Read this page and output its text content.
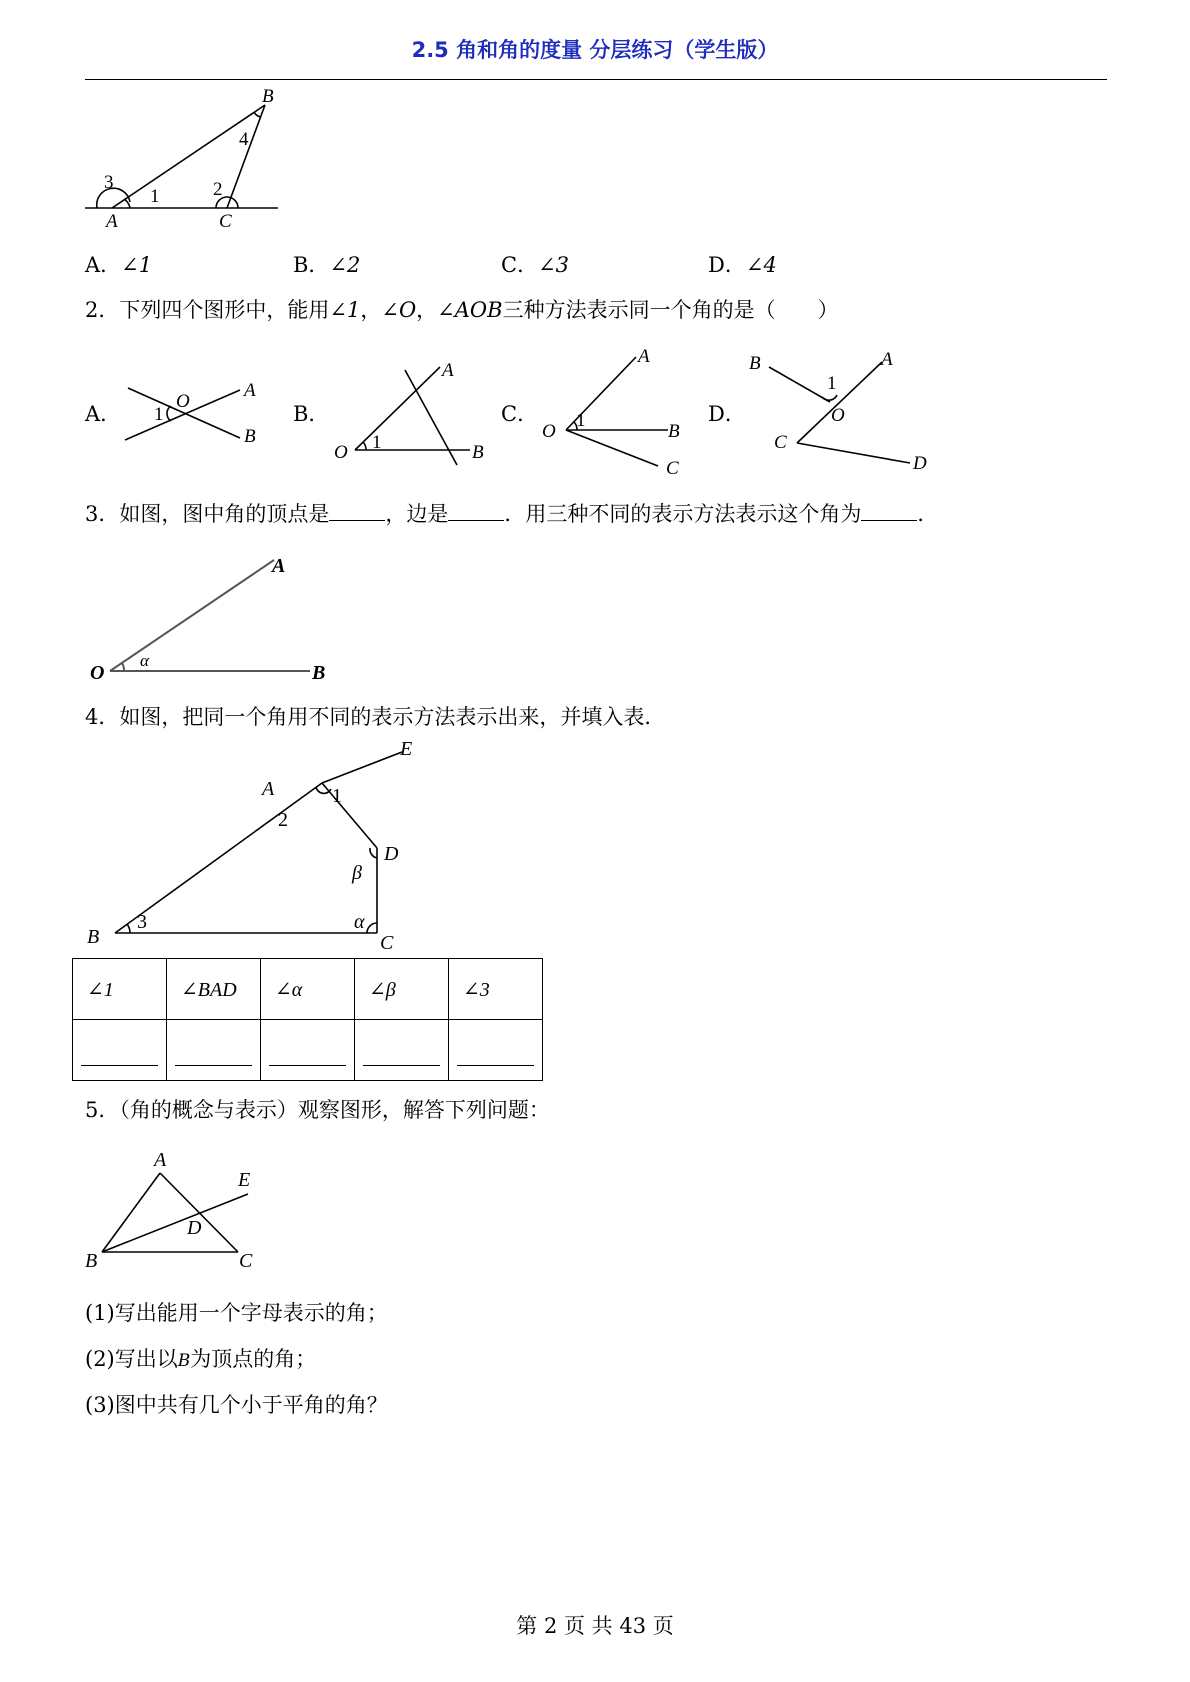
2.5 角和角的度量 分层练习（学生版）
B
4
3
1	2
A	C
A．∠1	B．∠2	C．∠3	D．∠4
2．下列四个图形中，能用∠1，∠O，∠AOB三种方法表示同一个角的是（　　）
A．	B．	C．	D．
A
O
1
B
A
O 1	B
A
O
1
B
C
B
1
A
O
C
D
3．如图，图中角的顶点是	，边是	．用三种不同的表示方法表示这个角为	．
A
O	B
α
4．如图，把同一个角用不同的表示方法表示出来，并填入表．
E
A	1
2
D
β
B
3	α
C
∠1	∠BAD	∠α	∠β	∠3

5．（角的概念与表示）观察图形，解答下列问题：
A
E
D
B	C
(1)写出能用一个字母表示的角；
(2)写出以B为顶点的角；
(3)图中共有几个小于平角的角？
第 2 页 共 43 页
